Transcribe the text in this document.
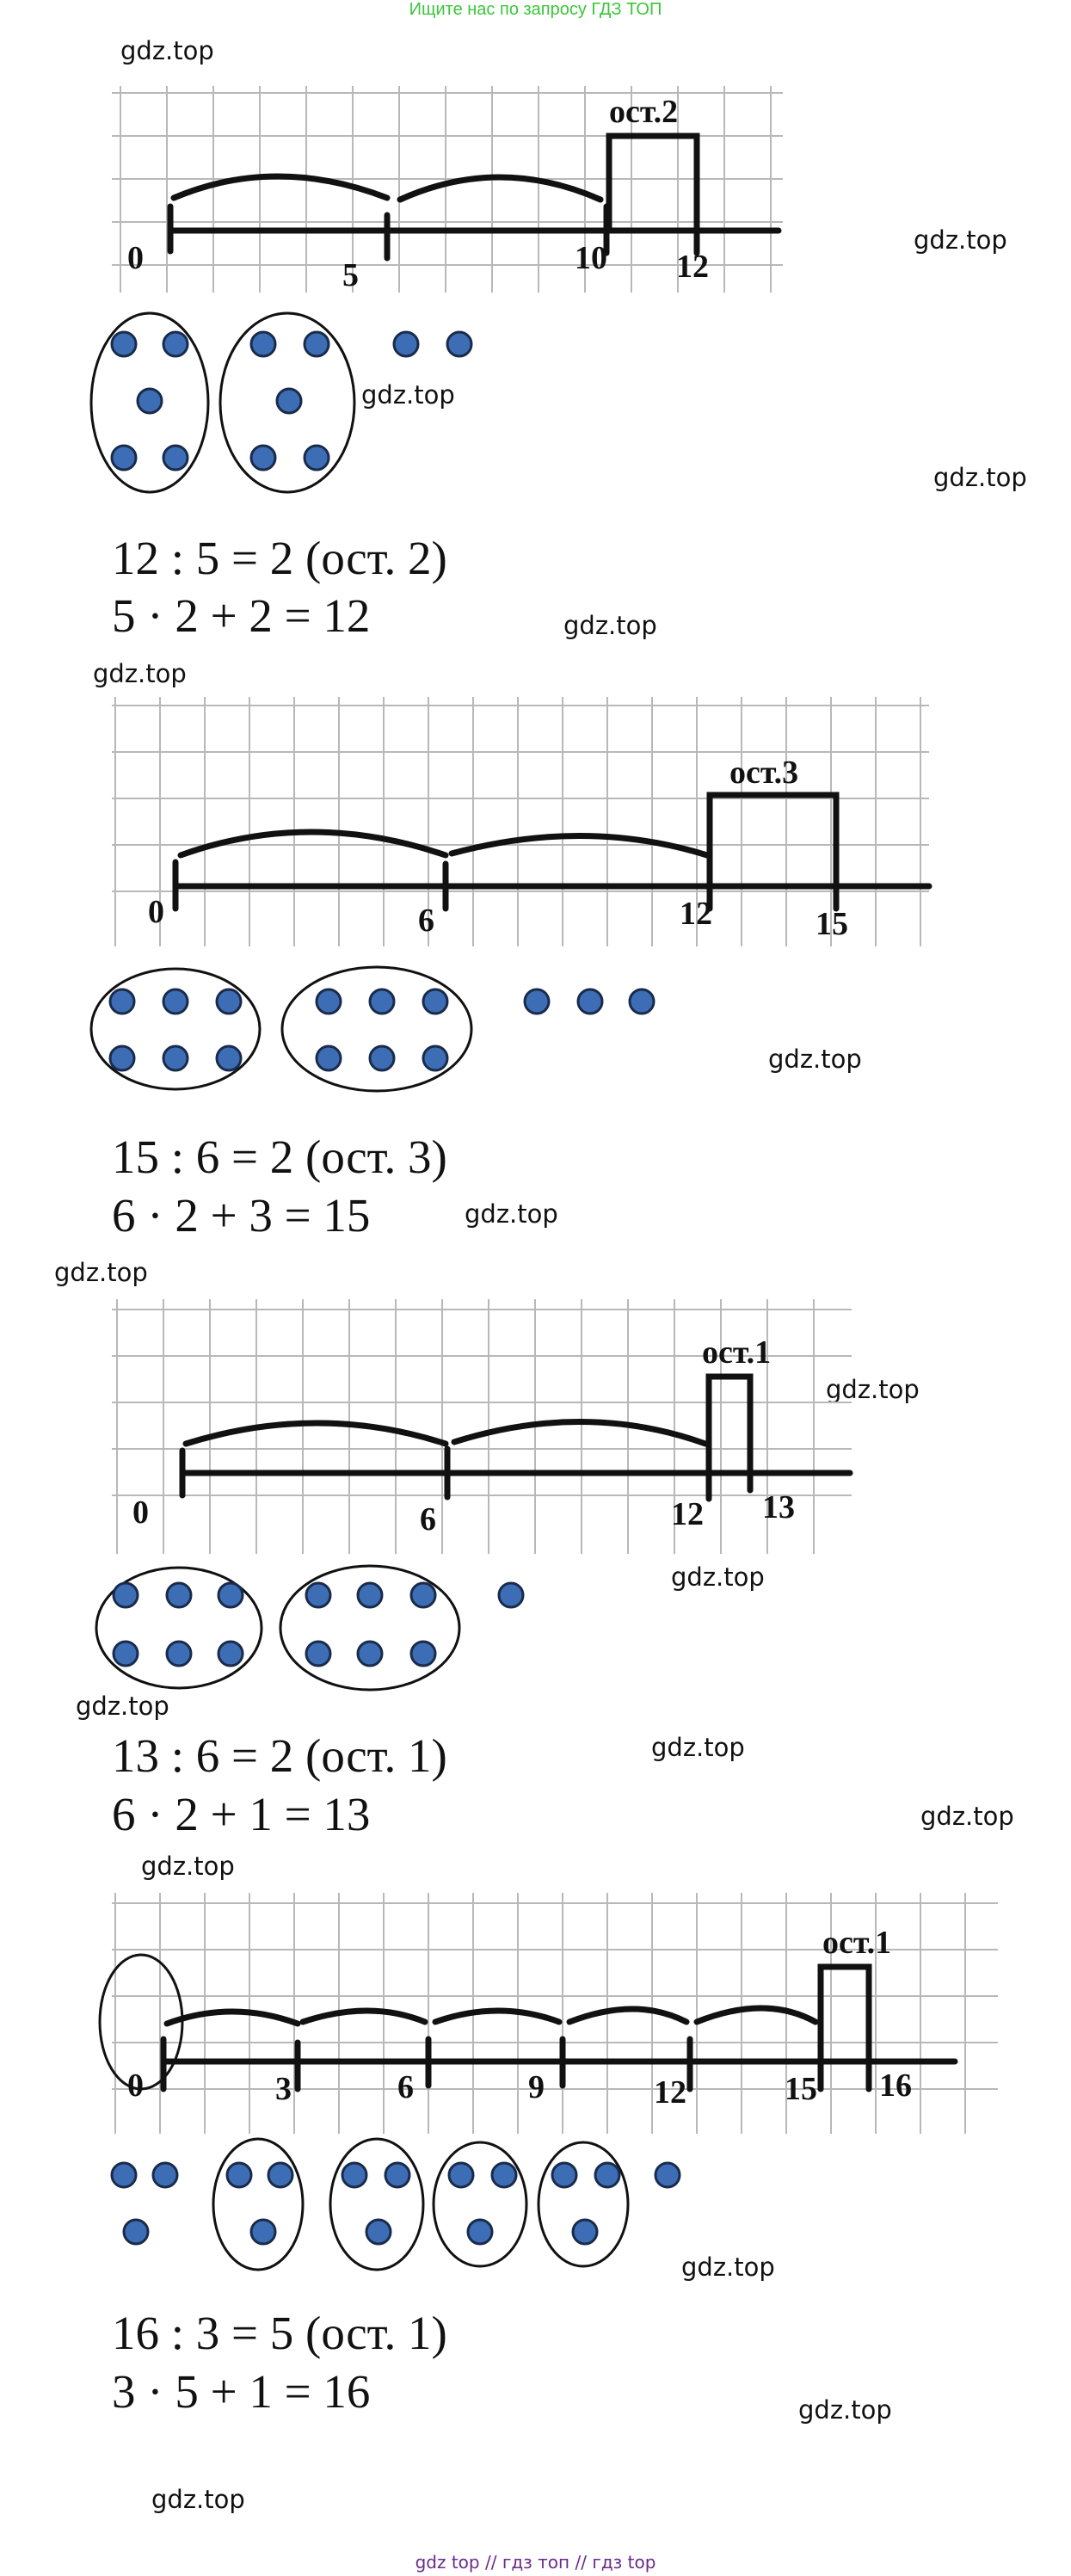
Ищите нас по запросу ГДЗ ТОП
gdz.top
gdz.top
gdz.top
gdz.top
gdz.top
gdz.top
gdz.top
gdz.top
gdz.top
gdz.top
gdz.top
gdz.top
gdz.top
gdz.top
gdz.top
gdz.top
gdz.top
gdz.top
ост.2
0	5	10 12
12 : 5 = 2 (ост. 2)
5 · 2 + 2 = 12
ост.3
0	6	12	15
15 : 6 = 2 (ост. 3)
6 · 2 + 3 = 15
ост.1
0	6	12 13
13 : 6 = 2 (ост. 1)
6 · 2 + 1 = 13
ост.1
0	3	6	9	12	15 16
16 : 3 = 5 (ост. 1)
3 · 5 + 1 = 16
gdz top // гдз топ // гдз top
